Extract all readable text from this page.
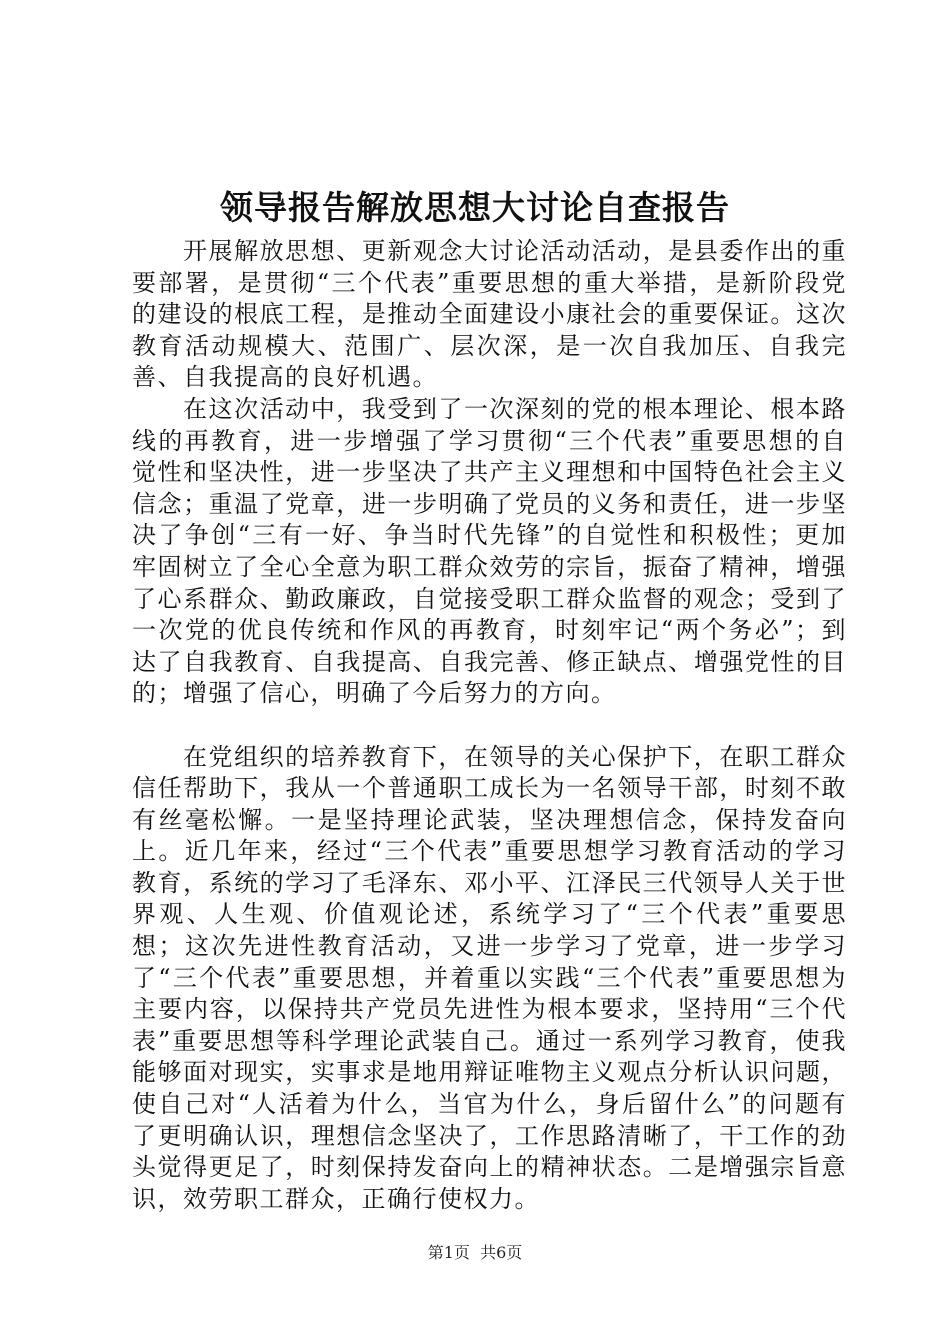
领导报告解放思想大讨论自查报告

开展解放思想、更新观念大讨论活动活动，是县委作出的重要部署，是贯彻“三个代表”重要思想的重大举措，是新阶段党的建设的根底工程，是推动全面建设小康社会的重要保证。这次教育活动规模大、范围广、层次深，是一次自我加压、自我完善、自我提高的良好机遇。

在这次活动中，我受到了一次深刻的党的根本理论、根本路线的再教育，进一步增强了学习贯彻“三个代表”重要思想的自觉性和坚决性，进一步坚决了共产主义理想和中国特色社会主义信念；重温了党章，进一步明确了党员的义务和责任，进一步坚决了争创“三有一好、争当时代先锋”的自觉性和积极性；更加牢固树立了全心全意为职工群众效劳的宗旨，振奋了精神，增强了心系群众、勤政廉政，自觉接受职工群众监督的观念；受到了一次党的优良传统和作风的再教育，时刻牢记“两个务必”；到达了自我教育、自我提高、自我完善、修正缺点、增强党性的目的；增强了信心，明确了今后努力的方向。

在党组织的培养教育下，在领导的关心保护下，在职工群众信任帮助下，我从一个普通职工成长为一名领导干部，时刻不敢有丝毫松懈。一是坚持理论武装，坚决理想信念，保持发奋向上。近几年来，经过“三个代表”重要思想学习教育活动的学习教育，系统的学习了毛泽东、邓小平、江泽民三代领导人关于世界观、人生观、价值观论述，系统学习了“三个代表”重要思想；这次先进性教育活动，又进一步学习了党章，进一步学习了“三个代表”重要思想，并着重以实践“三个代表”重要思想为主要内容，以保持共产党员先进性为根本要求，坚持用“三个代表”重要思想等科学理论武装自己。通过一系列学习教育，使我能够面对现实，实事求是地用辩证唯物主义观点分析认识问题，使自己对“人活着为什么，当官为什么，身后留什么”的问题有了更明确认识，理想信念坚决了，工作思路清晰了，干工作的劲头觉得更足了，时刻保持发奋向上的精神状态。二是增强宗旨意识，效劳职工群众，正确行使权力。

第1页 共6页
